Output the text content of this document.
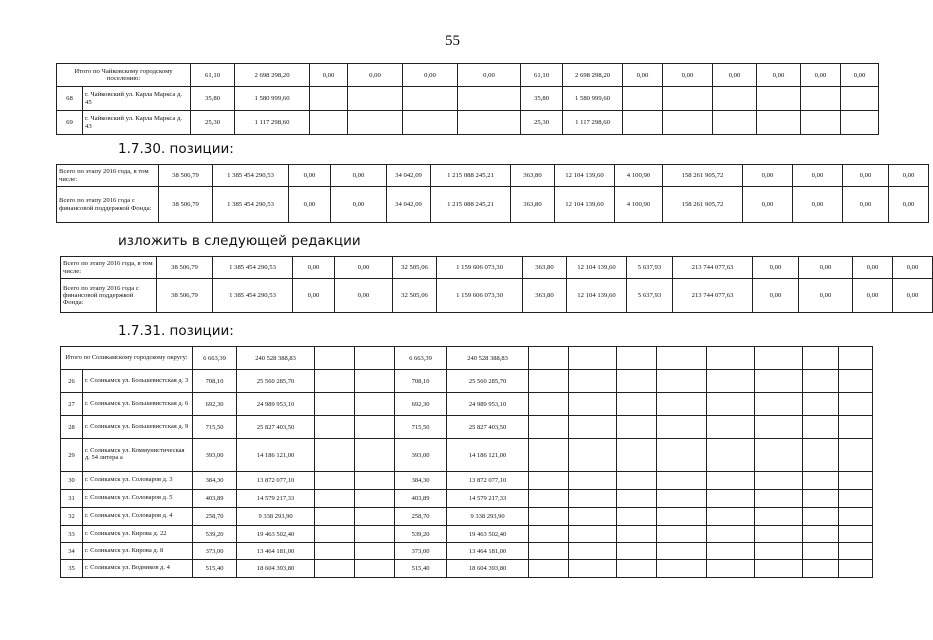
55
Итого по Чайковскому городскому поселению:		61,10	2 698 298,20	0,00	0,00	0,00	0,00	61,10	2 698 298,20	0,00	0,00	0,00	0,00	0,00	0,00
68	г. Чайковский ул. Карла Маркса д. 45	35,80	1 580 999,60					35,80	1 580 999,60						
69	г. Чайковский ул. Карла Маркса д. 43	25,30	1 117 298,60					25,30	1 117 298,60						
1.7.30. позиции:
Всего по этапу 2016 года, в том числе:	38 506,79	1 385 454 290,53	0,00	0,00	34 042,09	1 215 088 245,21	363,80	12 104 139,60	4 100,90	158 261 905,72	0,00	0,00	0,00	0,00
Всего по этапу 2016 года с финансовой поддержкой Фонда:	38 506,79	1 385 454 290,53	0,00	0,00	34 042,09	1 215 088 245,21	363,80	12 104 139,60	4 100,90	158 261 905,72	0,00	0,00	0,00	0,00
изложить в следующей редакции
Всего по этапу 2016 года, в том числе:	38 506,79	1 385 454 290,53	0,00	0,00	32 505,06	1 159 606 073,30	363,80	12 104 139,60	5 637,93	213 744 077,63	0,00	0,00	0,00	0,00
Всего по этапу 2016 года с финансовой поддержкой Фонда:	38 506,79	1 385 454 290,53	0,00	0,00	32 505,06	1 159 606 073,30	363,80	12 104 139,60	5 637,93	213 744 077,63	0,00	0,00	0,00	0,00
1.7.31. позиции:
Итого по Соликамскому городскому округу:		6 663,39	240 528 388,83			6 663,39	240 528 388,83								
26	г. Соликамск ул. Большевистская д. 3	708,10	25 560 285,70			708,10	25 560 285,70								
27	г. Соликамск ул. Большевистская д. 6	692,30	24 989 953,10			692,30	24 989 953,10								
28	г. Соликамск ул. Большевистская д. 9	715,50	25 827 403,50			715,50	25 827 403,50								
29	г. Соликамск ул. Коммунистическая д. 54 литера а	393,00	14 186 121,00			393,00	14 186 121,00								
30	г. Соликамск ул. Соловаров д. 3	384,30	13 872 077,10			384,30	13 872 077,10								
31	г. Соликамск ул. Соловаров д. 5	403,89	14 579 217,33			403,89	14 579 217,33								
32	г. Соликамск ул. Соловаров д. 4	258,70	9 338 293,90			258,70	9 338 293,90								
33	г. Соликамск ул. Кирова д. 22	539,20	19 463 502,40			539,20	19 463 502,40								
34	г. Соликамск ул. Кирова д. 8	373,00	13 464 181,00			373,00	13 464 181,00								
35	г. Соликамск ул. Водников д. 4	515,40	18 604 393,80			515,40	18 604 393,80								
